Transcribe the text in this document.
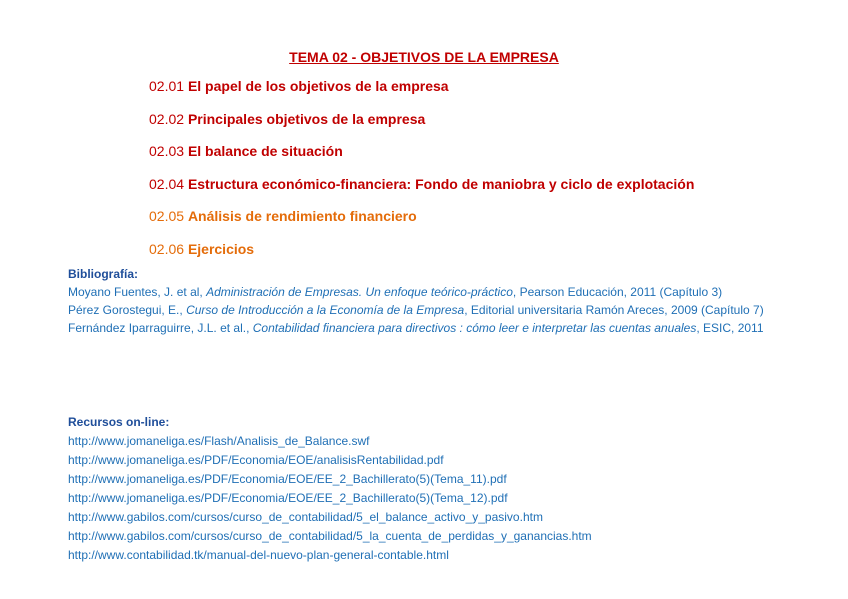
TEMA 02 - OBJETIVOS DE LA EMPRESA
02.01 El papel de los objetivos de la empresa
02.02 Principales objetivos de la empresa
02.03 El balance de situación
02.04 Estructura económico-financiera: Fondo de maniobra y ciclo de explotación
02.05 Análisis de rendimiento financiero
02.06 Ejercicios
Bibliografía:
Moyano Fuentes, J. et al, Administración de Empresas. Un enfoque teórico-práctico, Pearson Educación, 2011 (Capítulo 3)
Pérez Gorostegui, E., Curso de Introducción a la Economía de la Empresa, Editorial universitaria Ramón Areces, 2009 (Capítulo 7)
Fernández Iparraguirre, J.L. et al., Contabilidad financiera para directivos : cómo leer e interpretar las cuentas anuales, ESIC, 2011
Recursos on-line:
http://www.jomaneliga.es/Flash/Analisis_de_Balance.swf
http://www.jomaneliga.es/PDF/Economia/EOE/analisisRentabilidad.pdf
http://www.jomaneliga.es/PDF/Economia/EOE/EE_2_Bachillerato(5)(Tema_11).pdf
http://www.jomaneliga.es/PDF/Economia/EOE/EE_2_Bachillerato(5)(Tema_12).pdf
http://www.gabilos.com/cursos/curso_de_contabilidad/5_el_balance_activo_y_pasivo.htm
http://www.gabilos.com/cursos/curso_de_contabilidad/5_la_cuenta_de_perdidas_y_ganancias.htm
http://www.contabilidad.tk/manual-del-nuevo-plan-general-contable.html
